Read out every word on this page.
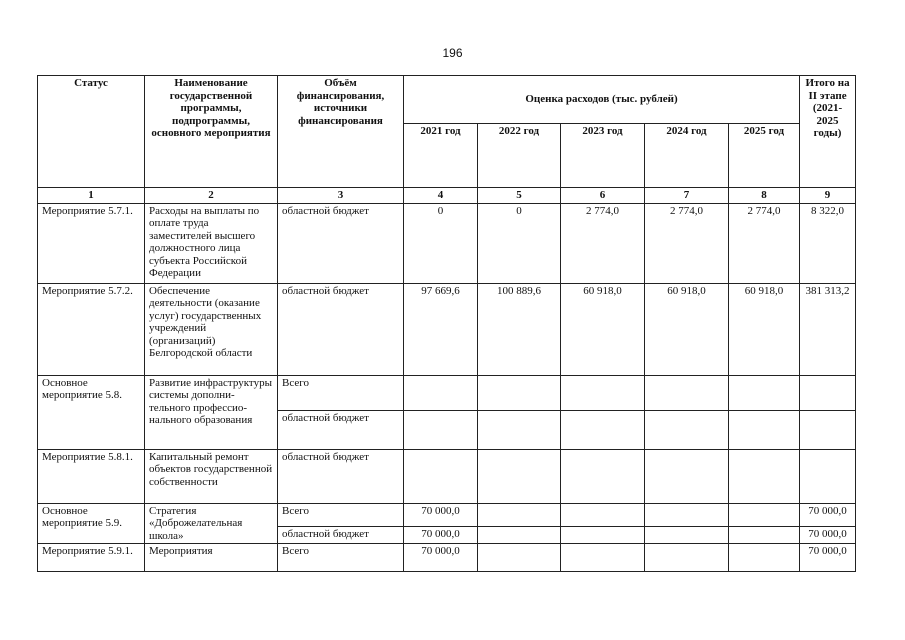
196
Статус	Наименование государственной программы, подпрограммы, основного мероприятия	Объём финансирования, источники финансирования	Оценка расходов (тыс. рублей)					Итого на II этапе (2021-2025 годы)
			2021 год	2022 год	2023 год	2024 год	2025 год	
1	2	3	4	5	6	7	8	9
Мероприятие 5.7.1.	Расходы на выплаты по оплате труда заместителей высшего должностного лица субъекта Российской Федерации	областной бюджет	0	0	2 774,0	2 774,0	2 774,0	8 322,0
Мероприятие 5.7.2.	Обеспечение деятельности (оказание услуг) государственных учреждений (организаций) Белгородской области	областной бюджет	97 669,6	100 889,6	60 918,0	60 918,0	60 918,0	381 313,2
Основное мероприятие 5.8.	Развитие инфраструктуры системы дополни-тельного профессио-нального образования	Всего						
		областной бюджет						
Мероприятие 5.8.1.	Капитальный ремонт объектов государственной собственности	областной бюджет						
Основное мероприятие 5.9.	Стратегия «Доброжелательная школа»	Всего	70 000,0					70 000,0
		областной бюджет	70 000,0					70 000,0
Мероприятие 5.9.1.	Мероприятия	Всего	70 000,0					70 000,0
